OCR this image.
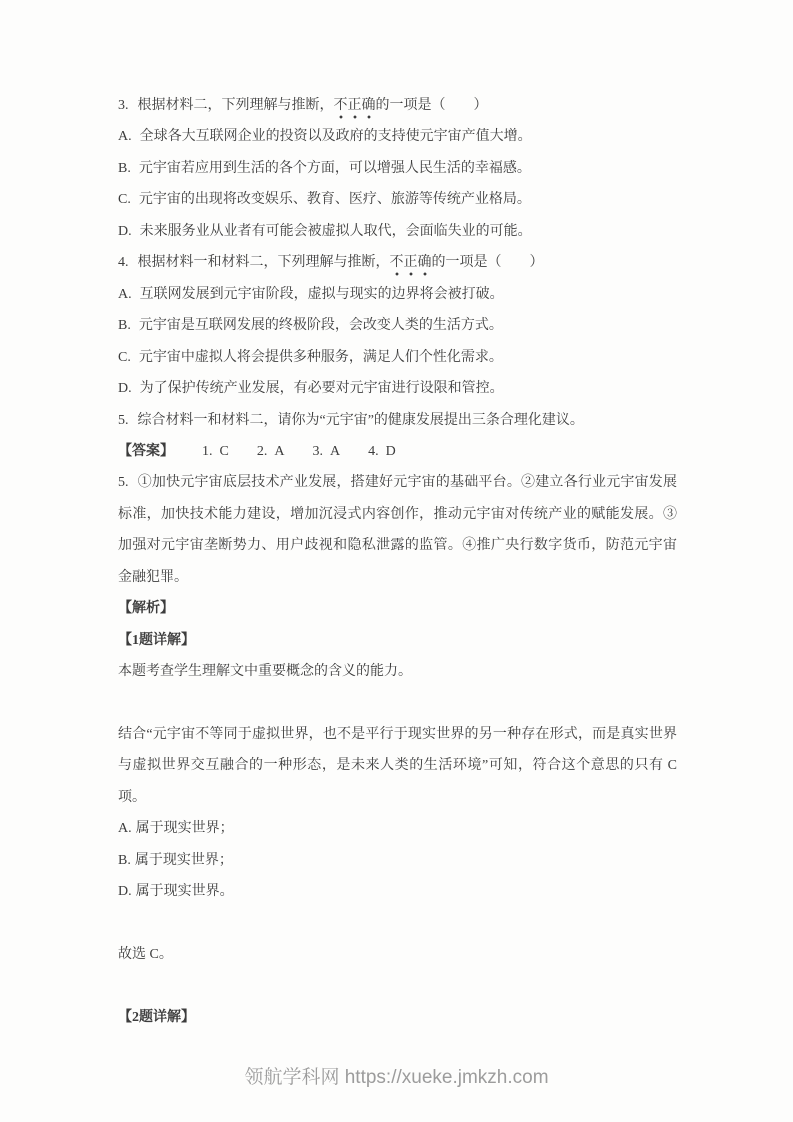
3. 根据材料二，下列理解与推断，不正确的一项是（　　）

A. 全球各大互联网企业的投资以及政府的支持使元宇宙产值大增。

B. 元宇宙若应用到生活的各个方面，可以增强人民生活的幸福感。

C. 元宇宙的出现将改变娱乐、教育、医疗、旅游等传统产业格局。

D. 未来服务业从业者有可能会被虚拟人取代，会面临失业的可能。

4. 根据材料一和材料二，下列理解与推断，不正确的一项是（　　）

A. 互联网发展到元宇宙阶段，虚拟与现实的边界将会被打破。

B. 元宇宙是互联网发展的终极阶段，会改变人类的生活方式。

C. 元宇宙中虚拟人将会提供多种服务，满足人们个性化需求。

D. 为了保护传统产业发展，有必要对元宇宙进行设限和管控。

5. 综合材料一和材料二，请你为“元宇宙”的健康发展提出三条合理化建议。

【答案】 1. C 2. A 3. A 4. D

5. ①加快元宇宙底层技术产业发展，搭建好元宇宙的基础平台。②建立各行业元宇宙发展标准，加快技术能力建设，增加沉浸式内容创作，推动元宇宙对传统产业的赋能发展。③加强对元宇宙垄断势力、用户歧视和隐私泄露的监管。④推广央行数字货币，防范元宇宙金融犯罪。

【解析】

【1题详解】

本题考查学生理解文中重要概念的含义的能力。

结合“元宇宙不等同于虚拟世界，也不是平行于现实世界的另一种存在形式，而是真实世界与虚拟世界交互融合的一种形态，是未来人类的生活环境”可知，符合这个意思的只有 C 项。

A. 属于现实世界；

B. 属于现实世界；

D. 属于现实世界。

故选 C。

【2题详解】

领航学科网 https://xueke.jmkzh.com
